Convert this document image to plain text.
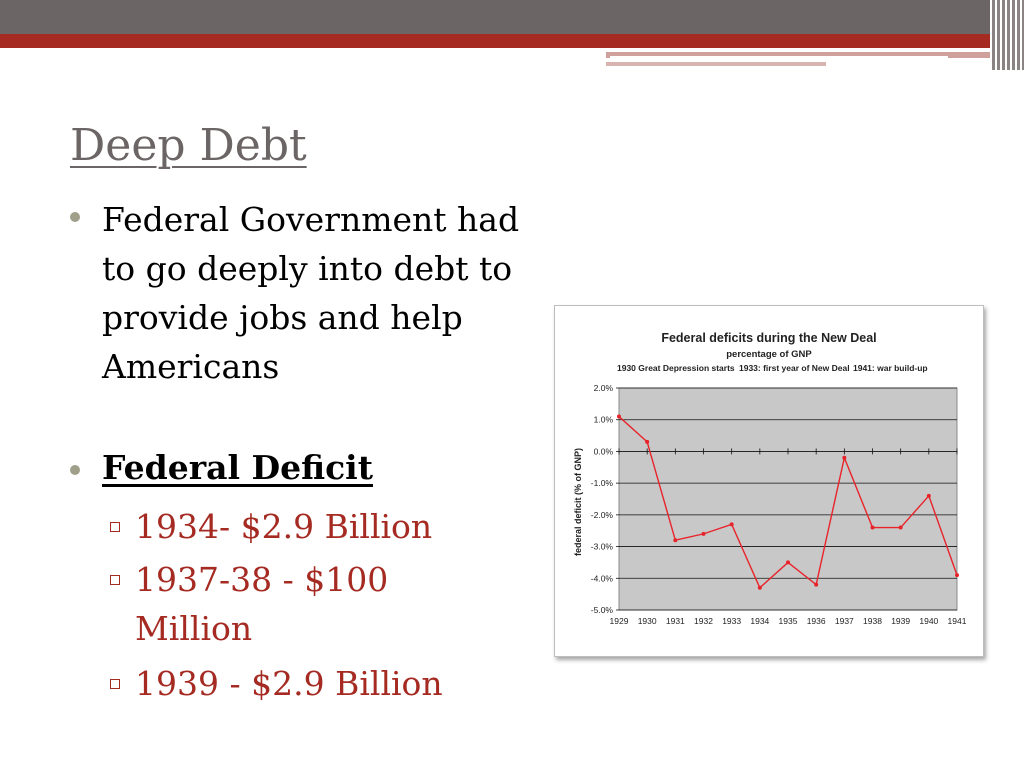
Deep Debt
Federal Government had to go deeply into debt to provide jobs and help Americans
Federal Deficit
1934- $2.9 Billion
1937-38 - $100
Million
1939 - $2.9 Billion
Federal deficits during the New Deal
percentage of GNP
1930 Great Depression starts 1933: first year of New Deal 1941: war build-up
2.0%
1.0%
0.0%
-1.0%
-2.0%
-3.0%
-4.0%
-5.0%
1929 1930 1931 1932 1933 1934 1935 1936 1937 1938 1939 1940 1941
federal deficit (% of GNP)
